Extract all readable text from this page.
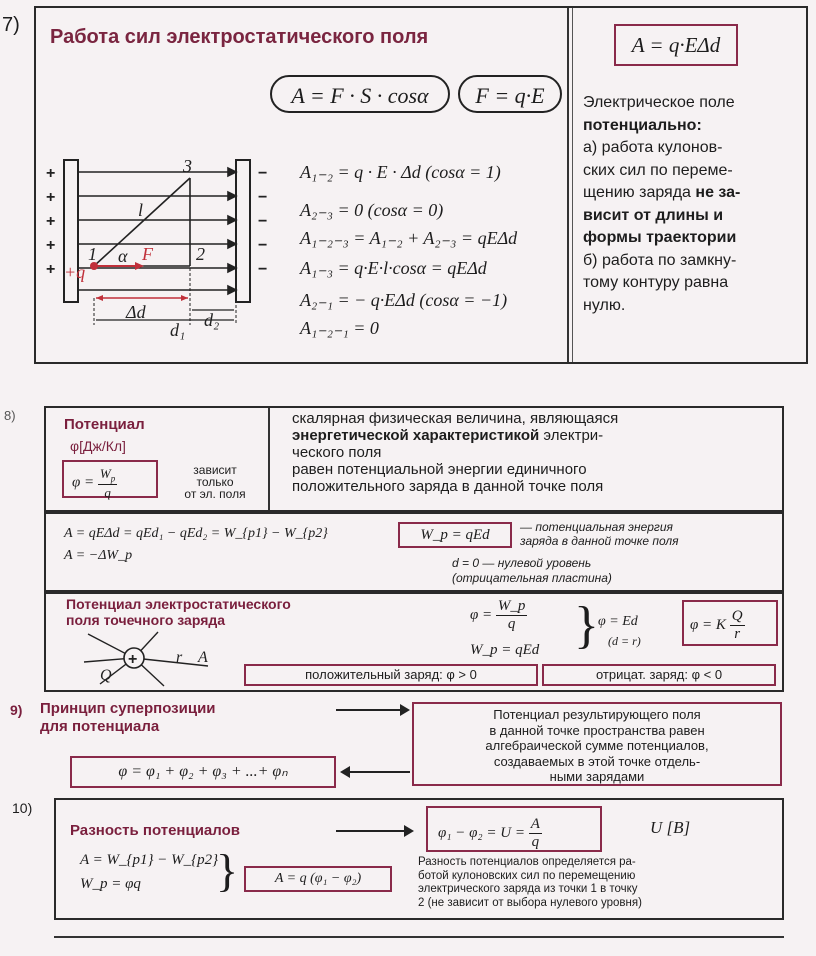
7)
Работа сил электростатического поля
A = F · S · cosα	F = q·E
A = q·EΔd
A₁₋₂ = q · E · Δd (cosα = 1)
A₂₋₃ = 0 (cosα = 0)
A₁₋₂₋₃ = A₁₋₂ + A₂₋₃ = qEΔd
A₁₋₃ = q·E·l·cosα = qEΔd
A₂₋₁ = − q·EΔd (cosα = −1)
A₁₋₂₋₁ = 0
Электрическое поле
потенциально:
а) работа кулонов-
ских сил по переме-
щению заряда не за-
висит от длины и
формы траектории
б) работа по замкну-
тому контуру равна
нулю.
+
+
+
+
+
−
−
−
−
−
3
2
1
l
α F
+q
Δd
d₁ d₂
8)
Потенциал
φ[Дж/Кл]
$\varphi = \frac{W_p}{q}$	зависит
только
от эл. поля
скалярная физическая величина, являющаяся
энергетической характеристикой электри-
ческого поля
равен потенциальной энергии единичного
положительного заряда в данной точке поля
A = qEΔd = qEd₁ − qEd₂ = W_{p1} − W_{p2}
A = −ΔW_p
W_p = qEd	— потенциальная энергия
заряда в данной точке поля
d = 0 — нулевой уровень
(отрицательная пластина)
Потенциал электростатического
поля точечного заряда	$\varphi = \frac{W\_p}{q}$
W_p = qEd } φ = Ed
(d = r)
φ = K $\frac{Q}{r}$
положительный заряд: φ > 0	отрицат. заряд: φ < 0
+
Q
r A
9) Принцип суперпозиции
для потенциала
Потенциал результирующего поля
в данной точке пространства равен
алгебраической сумме потенциалов,
создаваемых в этой точке отдель-
ными зарядами
φ = φ₁ + φ₂ + φ₃ + ...+ φₙ
10)
Разность потенциалов	$\varphi_1 - \varphi_2 = U = \frac{A}{q}$	U [В]
A = W_{p1} − W_{p2}
W_p = φq }	A = q (φ₁ − φ₂)
Разность потенциалов определяется ра-
ботой кулоновских сил по перемещению
электрического заряда из точки 1 в точку
2 (не зависит от выбора нулевого уровня)
